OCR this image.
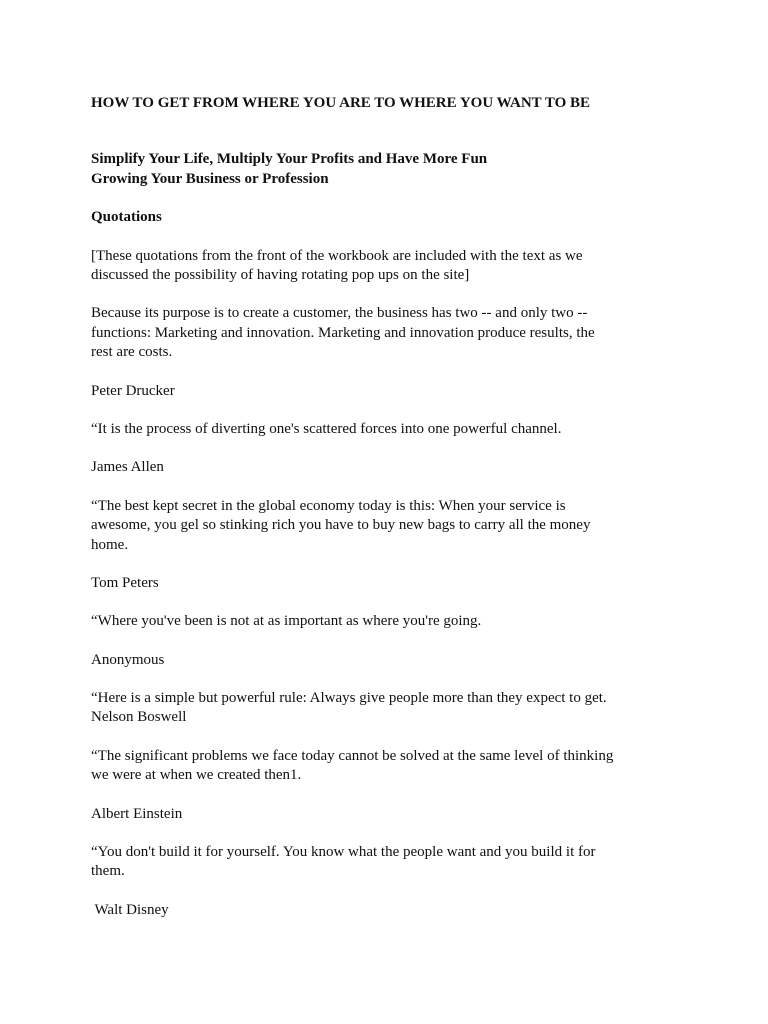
HOW TO GET FROM WHERE YOU ARE TO WHERE YOU WANT TO BE

Simplify Your Life, Multiply Your Profits and Have More Fun

Growing Your Business or Profession

Quotations

[These quotations from the front of the workbook are included with the text as we

discussed the possibility of having rotating pop ups on the site]

Because its purpose is to create a customer, the business has two -- and only two --

functions: Marketing and innovation. Marketing and innovation produce results, the

rest are costs.

Peter Drucker

“It is the process of diverting one's scattered forces into one powerful channel.

James Allen

“The best kept secret in the global economy today is this: When your service is

awesome, you gel so stinking rich you have to buy new bags to carry all the money

home.

Tom Peters

“Where you've been is not at as important as where you're going.

Anonymous

“Here is a simple but powerful rule: Always give people more than they expect to get.

Nelson Boswell

“The significant problems we face today cannot be solved at the same level of thinking

we were at when we created then1.

Albert Einstein

“You don't build it for yourself. You know what the people want and you build it for

them.

Walt Disney
